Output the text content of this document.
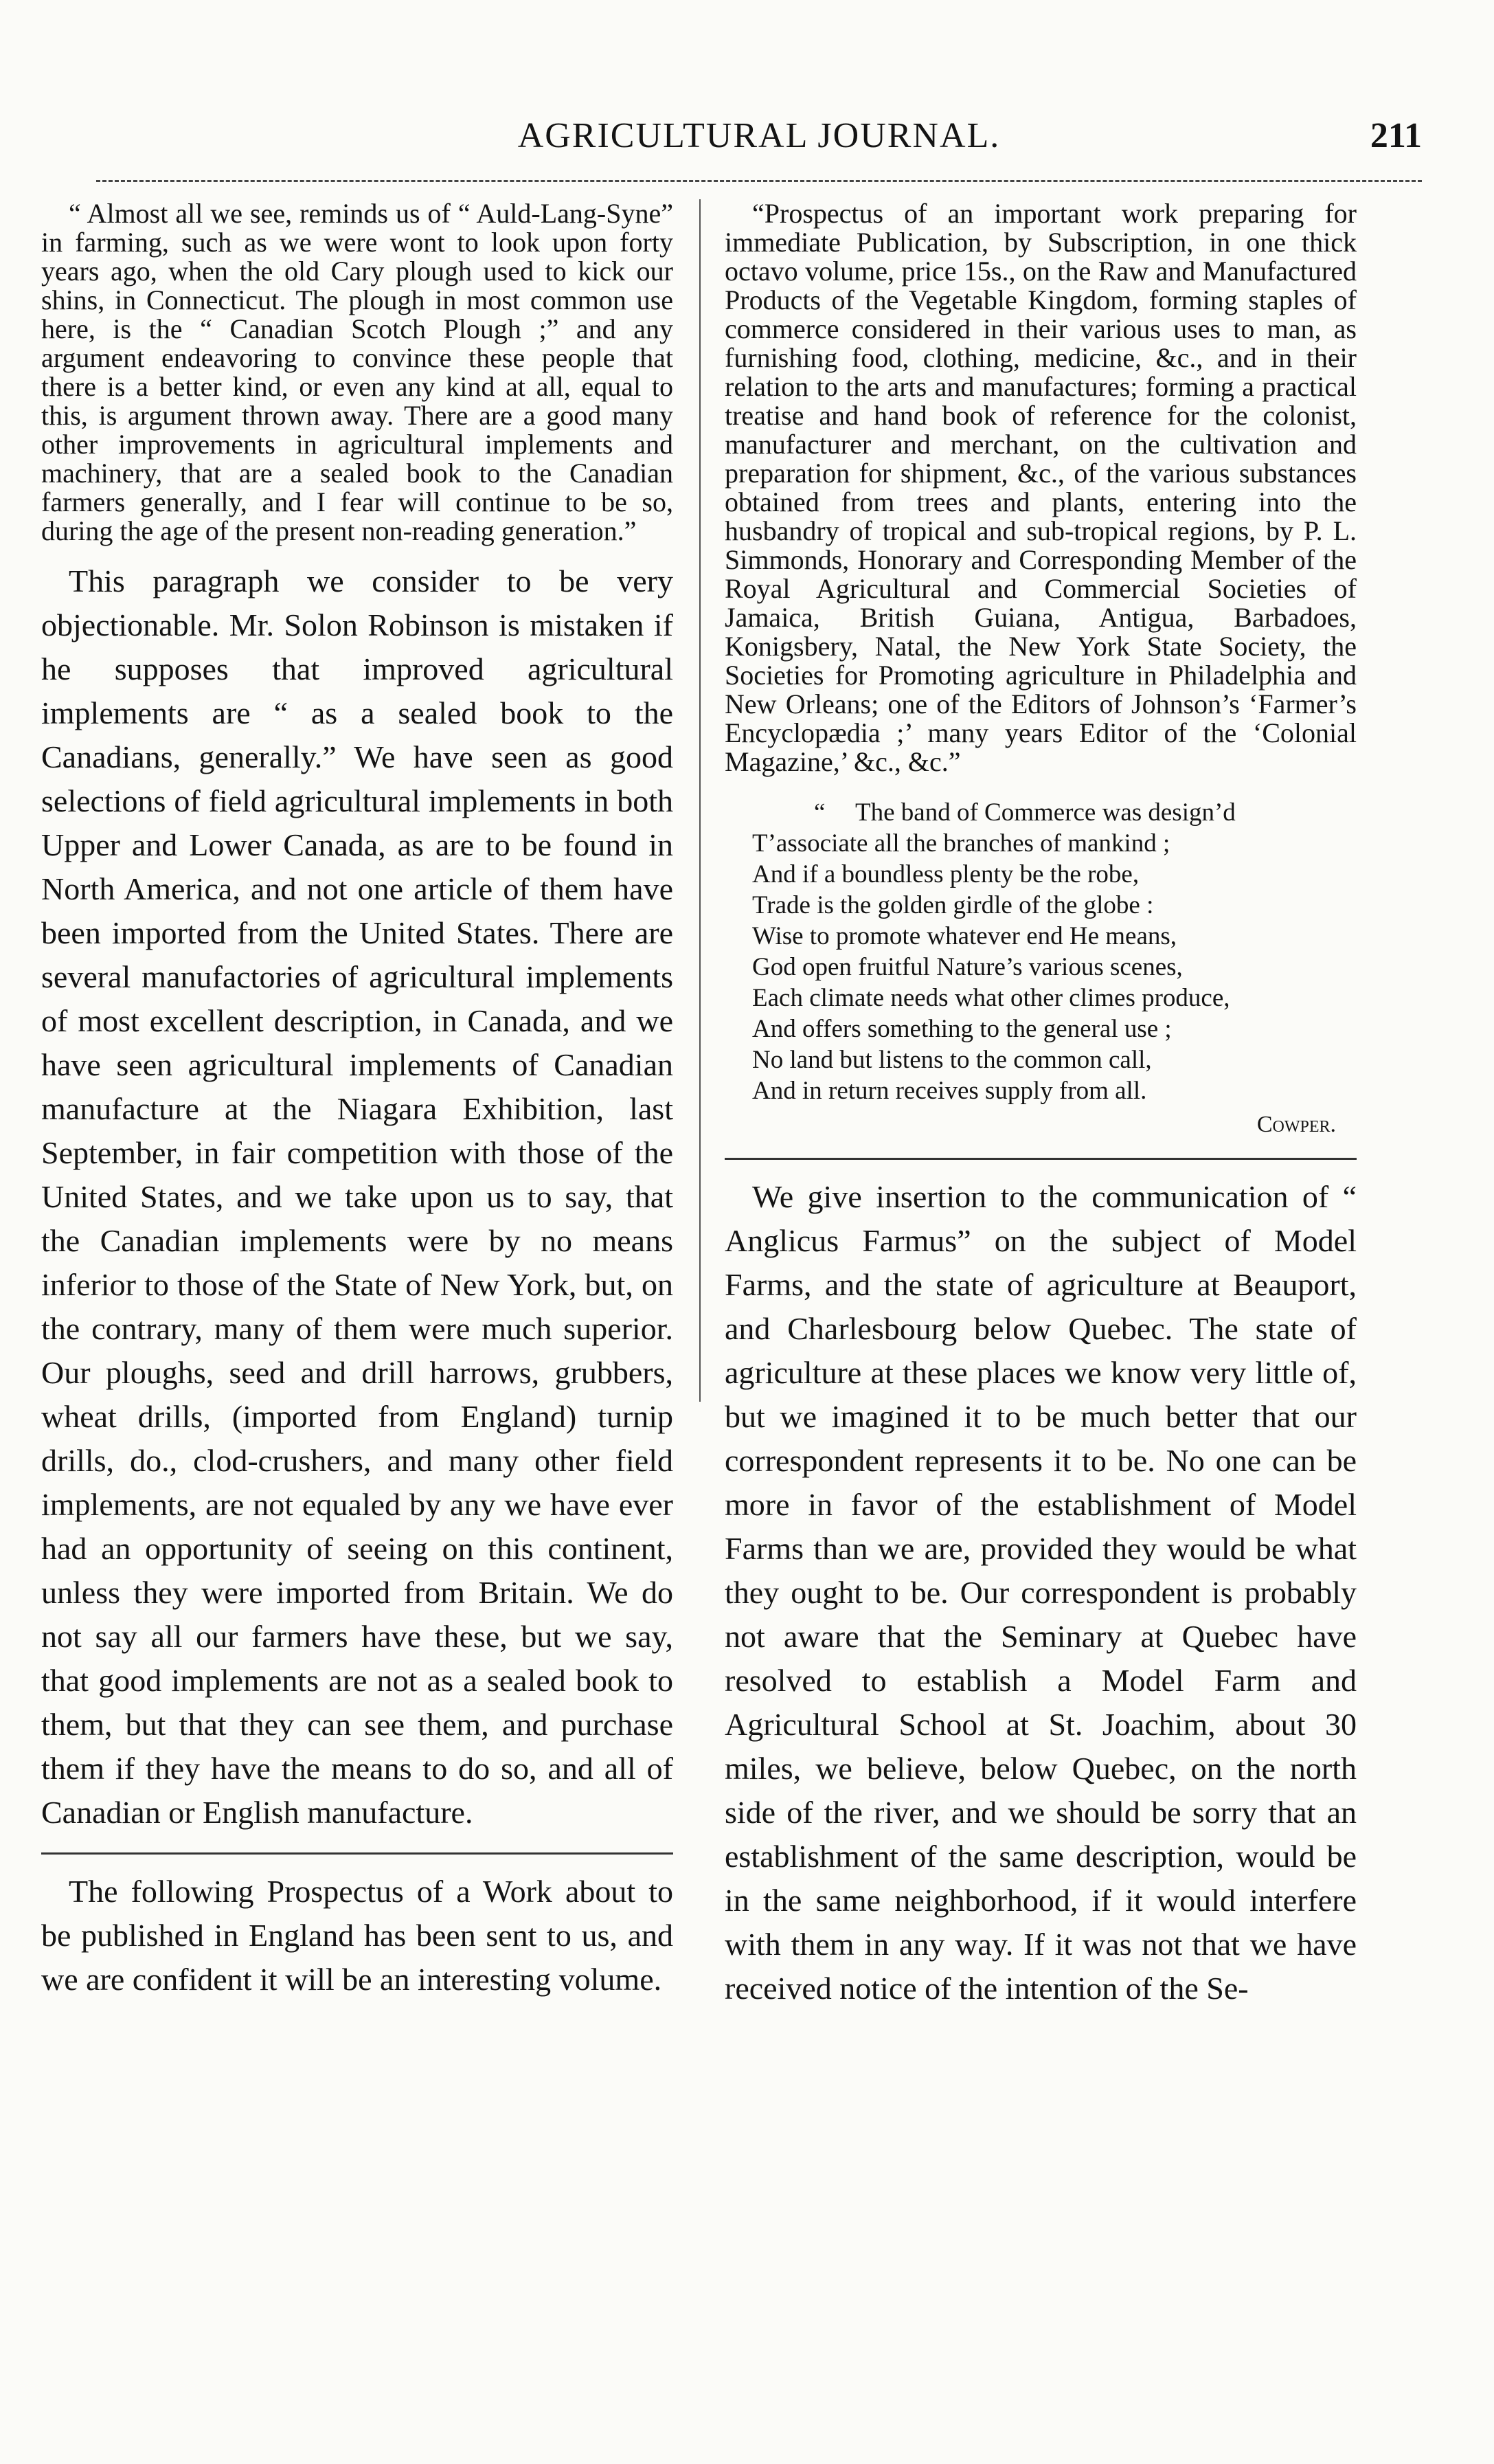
AGRICULTURAL JOURNAL.	211

“ Almost all we see, reminds us of “ Auld-Lang-Syne” in farming, such as we were wont to look upon forty years ago, when the old Cary plough used to kick our shins, in Connecticut. The plough in most common use here, is the “ Canadian Scotch Plough ;” and any argument endeavoring to convince these people that there is a better kind, or even any kind at all, equal to this, is argument thrown away. There are a good many other improvements in agricultural implements and machinery, that are a sealed book to the Canadian farmers generally, and I fear will continue to be so, during the age of the present non-reading generation.”

This paragraph we consider to be very objectionable. Mr. Solon Robinson is mistaken if he supposes that improved agricultural implements are “ as a sealed book to the Canadians, generally.” We have seen as good selections of field agricultural implements in both Upper and Lower Canada, as are to be found in North America, and not one article of them have been imported from the United States. There are several manufactories of agricultural implements of most excellent description, in Canada, and we have seen agricultural implements of Canadian manufacture at the Niagara Exhibition, last September, in fair competition with those of the United States, and we take upon us to say, that the Canadian implements were by no means inferior to those of the State of New York, but, on the contrary, many of them were much superior. Our ploughs, seed and drill harrows, grubbers, wheat drills, (imported from England) turnip drills, do., clod-crushers, and many other field implements, are not equaled by any we have ever had an opportunity of seeing on this continent, unless they were imported from Britain. We do not say all our farmers have these, but we say, that good implements are not as a sealed book to them, but that they can see them, and purchase them if they have the means to do so, and all of Canadian or English manufacture.

The following Prospectus of a Work about to be published in England has been sent to us, and we are confident it will be an interesting volume.

“Prospectus of an important work preparing for immediate Publication, by Subscription, in one thick octavo volume, price 15s., on the Raw and Manufactured Products of the Vegetable Kingdom, forming staples of commerce considered in their various uses to man, as furnishing food, clothing, medicine, &c., and in their relation to the arts and manufactures; forming a practical treatise and hand book of reference for the colonist, manufacturer and merchant, on the cultivation and preparation for shipment, &c., of the various substances obtained from trees and plants, entering into the husbandry of tropical and sub-tropical regions, by P. L. Simmonds, Honorary and Corresponding Member of the Royal Agricultural and Commercial Societies of Jamaica, British Guiana, Antigua, Barbadoes, Konigsbery, Natal, the New York State Society, the Societies for Promoting agriculture in Philadelphia and New Orleans; one of the Editors of Johnson’s ‘Farmer’s Encyclopædia ;’ many years Editor of the ‘Colonial Magazine,’ &c., &c.”

“ The band of Commerce was design’d
T’associate all the branches of mankind ;
And if a boundless plenty be the robe,
Trade is the golden girdle of the globe :
Wise to promote whatever end He means,
God open fruitful Nature’s various scenes,
Each climate needs what other climes produce,
And offers something to the general use ;
No land but listens to the common call,
And in return receives supply from all.
Cowper.

We give insertion to the communication of “ Anglicus Farmus” on the subject of Model Farms, and the state of agriculture at Beauport, and Charlesbourg below Quebec. The state of agriculture at these places we know very little of, but we imagined it to be much better that our correspondent represents it to be. No one can be more in favor of the establishment of Model Farms than we are, provided they would be what they ought to be. Our correspondent is probably not aware that the Seminary at Quebec have resolved to establish a Model Farm and Agricultural School at St. Joachim, about 30 miles, we believe, below Quebec, on the north side of the river, and we should be sorry that an establishment of the same description, would be in the same neighborhood, if it would interfere with them in any way. If it was not that we have received notice of the intention of the Se-
